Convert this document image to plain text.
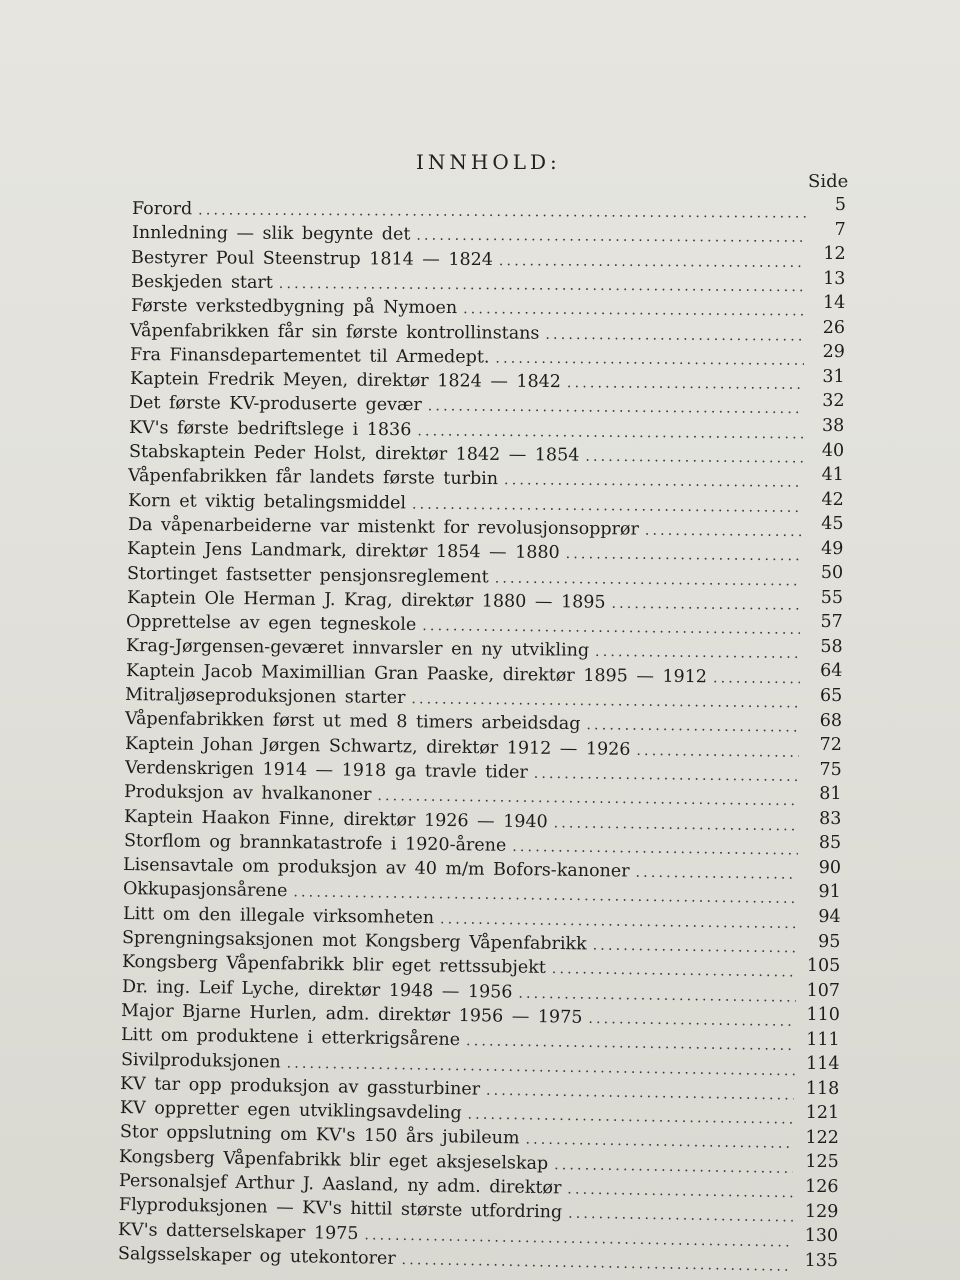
INNHOLD:
Side
Forord .....	5
Innledning — slik begynte det .....	7
Bestyrer Poul Steenstrup 1814 — 1824 .....	12
Beskjeden start .....	13
Første verkstedbygning på Nymoen .....	14
Våpenfabrikken får sin første kontrollinstans .....	26
Fra Finansdepartementet til Armedept. .....	29
Kaptein Fredrik Meyen, direktør 1824 — 1842 .....	31
Det første KV-produserte gevær .....	32
KV's første bedriftslege i 1836 .....	38
Stabskaptein Peder Holst, direktør 1842 — 1854 .....	40
Våpenfabrikken får landets første turbin .....	41
Korn et viktig betalingsmiddel .....	42
Da våpenarbeiderne var mistenkt for revolusjonsopprør .....	45
Kaptein Jens Landmark, direktør 1854 — 1880 .....	49
Stortinget fastsetter pensjonsreglement .....	50
Kaptein Ole Herman J. Krag, direktør 1880 — 1895 .....	55
Opprettelse av egen tegneskole .....	57
Krag-Jørgensen-geværet innvarsler en ny utvikling .....	58
Kaptein Jacob Maximillian Gran Paaske, direktør 1895 — 1912 .....	64
Mitraljøseproduksjonen starter .....	65
Våpenfabrikken først ut med 8 timers arbeidsdag .....	68
Kaptein Johan Jørgen Schwartz, direktør 1912 — 1926 .....	72
Verdenskrigen 1914 — 1918 ga travle tider .....	75
Produksjon av hvalkanoner .....	81
Kaptein Haakon Finne, direktør 1926 — 1940 .....	83
Storflom og brannkatastrofe i 1920-årene .....	85
Lisensavtale om produksjon av 40 m/m Bofors-kanoner .....	90
Okkupasjonsårene .....	91
Litt om den illegale virksomheten .....	94
Sprengningsaksjonen mot Kongsberg Våpenfabrikk .....	95
Kongsberg Våpenfabrikk blir eget rettssubjekt .....	105
Dr. ing. Leif Lyche, direktør 1948 — 1956 .....	107
Major Bjarne Hurlen, adm. direktør 1956 — 1975 .....	110
Litt om produktene i etterkrigsårene .....	111
Sivilproduksjonen .....	114
KV tar opp produksjon av gassturbiner .....	118
KV oppretter egen utviklingsavdeling .....	121
Stor oppslutning om KV's 150 års jubileum .....	122
Kongsberg Våpenfabrikk blir eget aksjeselskap .....	125
Personalsjef Arthur J. Aasland, ny adm. direktør .....	126
Flyproduksjonen — KV's hittil største utfordring .....	129
KV's datterselskaper 1975 .....	130
Salgsselskaper og utekontorer .....	135
